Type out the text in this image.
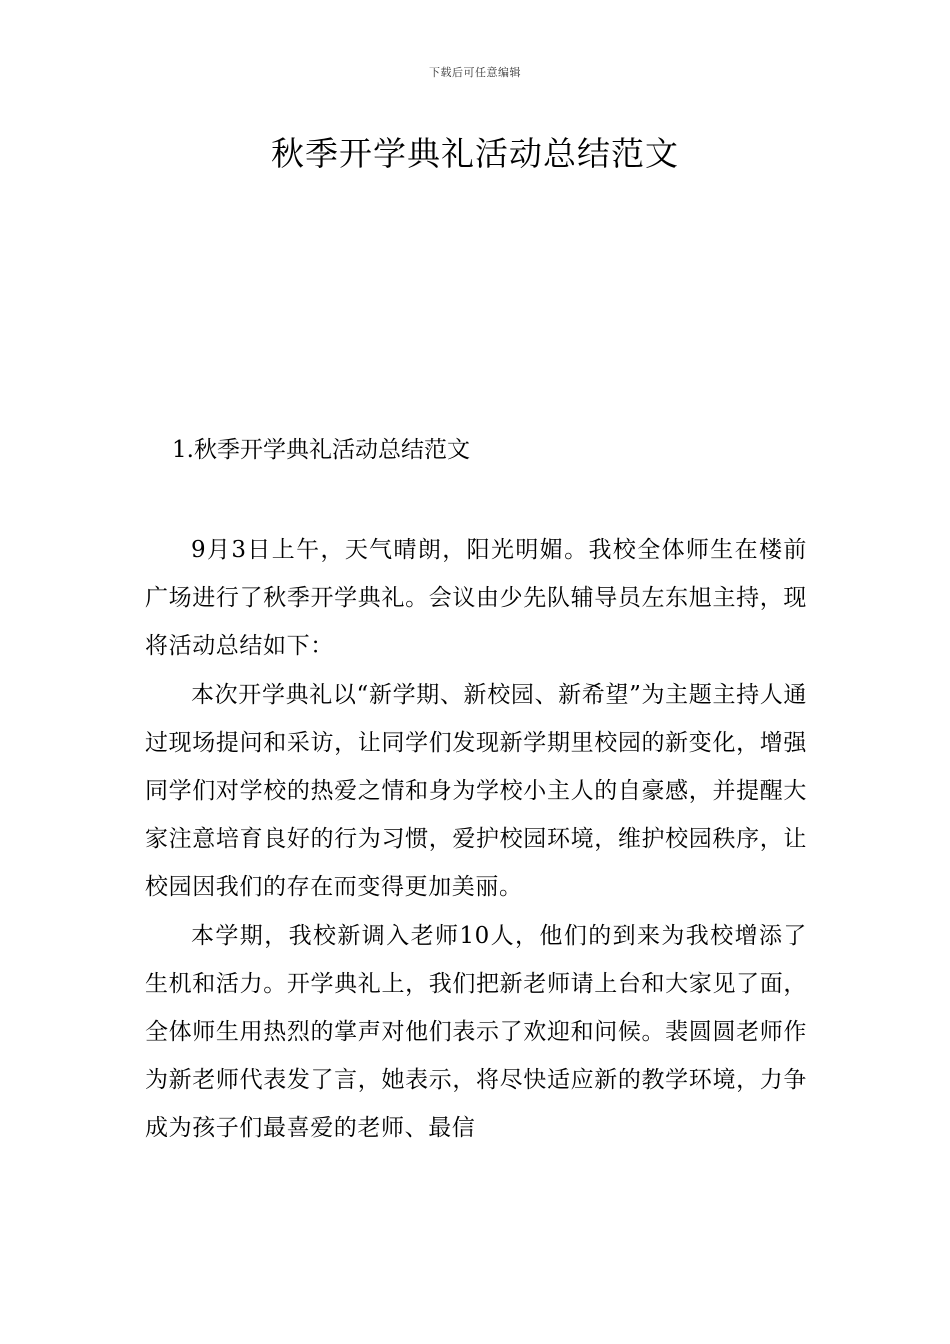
下载后可任意编辑
秋季开学典礼活动总结范文
1.秋季开学典礼活动总结范文

9月3日上午，天气晴朗，阳光明媚。我校全体师生在楼前广场进行了秋季开学典礼。会议由少先队辅导员左东旭主持，现将活动总结如下：

本次开学典礼以“新学期、新校园、新希望”为主题主持人通过现场提问和采访，让同学们发现新学期里校园的新变化，增强同学们对学校的热爱之情和身为学校小主人的自豪感，并提醒大家注意培育良好的行为习惯，爱护校园环境，维护校园秩序，让校园因我们的存在而变得更加美丽。

本学期，我校新调入老师10人，他们的到来为我校增添了生机和活力。开学典礼上，我们把新老师请上台和大家见了面，全体师生用热烈的掌声对他们表示了欢迎和问候。裴圆圆老师作为新老师代表发了言，她表示，将尽快适应新的教学环境，力争成为孩子们最喜爱的老师、最信
